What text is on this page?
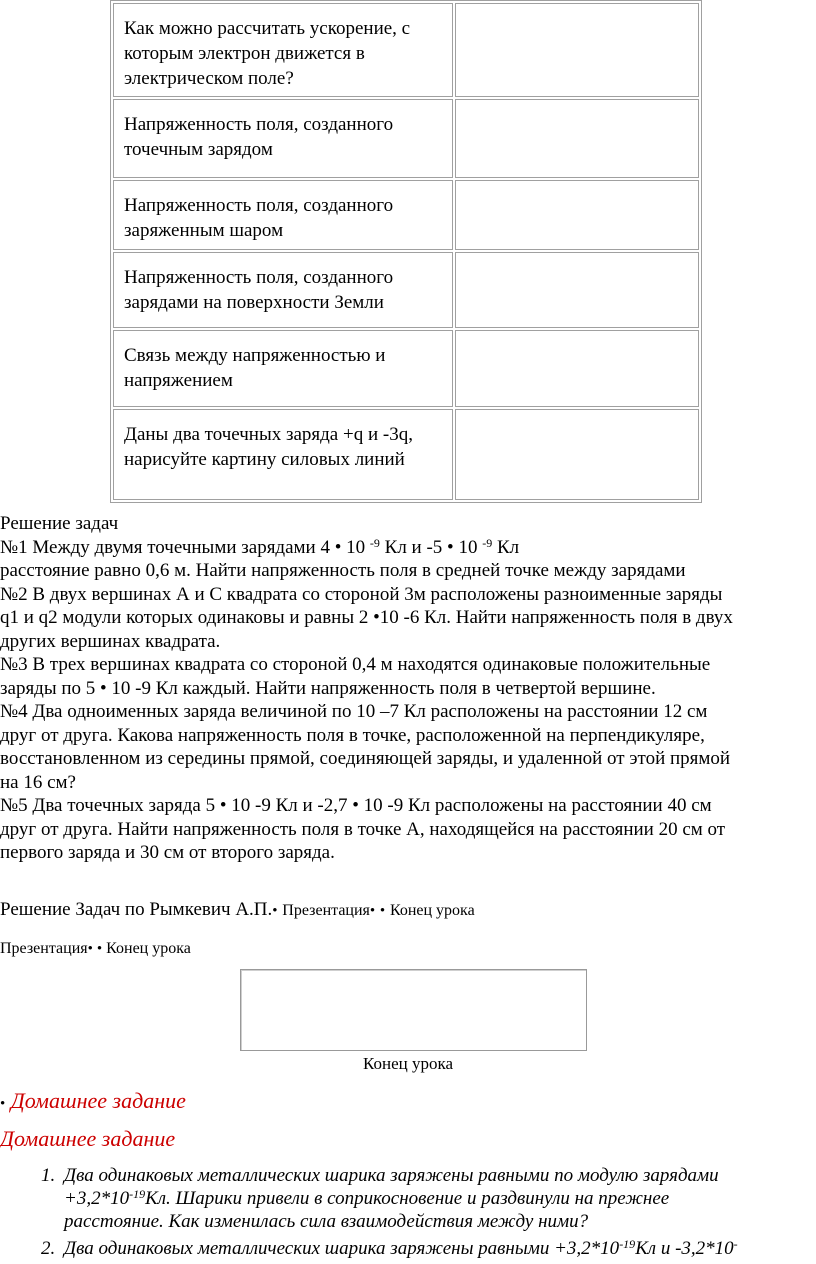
Как можно рассчитать ускорение, с которым электрон движется в электрическом поле?	
Напряженность поля, созданного точечным зарядом	
Напряженность поля, созданного заряженным шаром	
Напряженность поля, созданного зарядами на поверхности Земли	
Связь между напряженностью и напряжением	
Даны два точечных заряда +q и -3q, нарисуйте картину силовых линий	
Решение задач
№1 Между двумя точечными зарядами 4 • 10 $^{-9}$ Кл и -5 • 10 $^{-9}$ Кл
расстояние равно 0,6 м. Найти напряженность поля в средней точке между зарядами
№2 В двух вершинах А и С квадрата со стороной 3м расположены разноименные заряды
q1 и q2 модули которых одинаковы и равны 2 •10 -6 Кл. Найти напряженность поля в двух
других вершинах квадрата.
№3 В трех вершинах квадрата со стороной 0,4 м находятся одинаковые положительные
заряды по 5 • 10 -9 Кл каждый. Найти напряженность поля в четвертой вершине.
№4 Два одноименных заряда величиной по 10 –7 Кл расположены на расстоянии 12 см
друг от друга. Какова напряженность поля в точке, расположенной на перпендикуляре,
восстановленном из середины прямой, соединяющей заряды, и удаленной от этой прямой
на 16 см?
№5 Два точечных заряда 5 • 10 -9 Кл и -2,7 • 10 -9 Кл расположены на расстоянии 40 см
друг от друга. Найти напряженность поля в точке А, находящейся на расстоянии 20 см от
первого заряда и 30 см от второго заряда.
Решение Задач по Рымкевич А.П.• Презентация• • Конец урока
Презентация• • Конец урока
Конец урока
• Домашнее задание
Домашнее задание
1. Два одинаковых металлических шарика заряжены равными по модулю зарядами
$+3,2*10^{-19}Кл$. Шарики привели в соприкосновение и раздвинули на прежнее
расстояние. Как изменилась сила взаимодействия между ними?
2. Два одинаковых металлических шарика заряжены равными $+3,2*10^{-19}Кл$ и -3,2*10-
